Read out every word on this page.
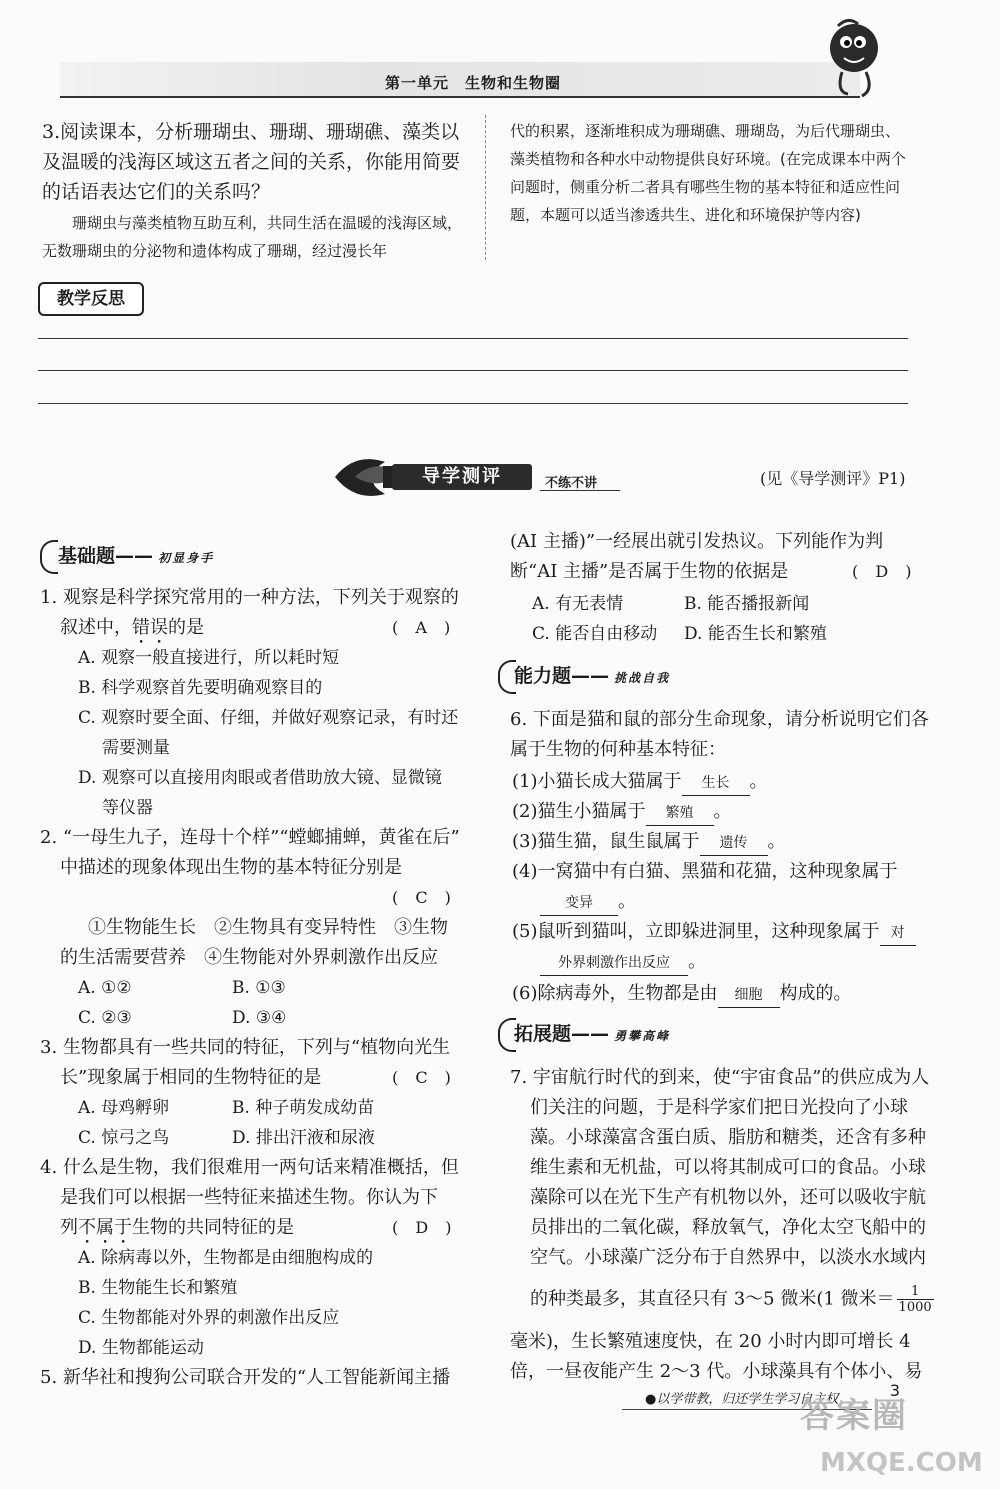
第一单元　生物和生物圈
3.阅读课本，分析珊瑚虫、珊瑚、珊瑚礁、藻类以及温暖的浅海区域这五者之间的关系，你能用简要的话语表达它们的关系吗？
珊瑚虫与藻类植物互助互利，共同生活在温暖的浅海区域，无数珊瑚虫的分泌物和遗体构成了珊瑚，经过漫长年
代的积累，逐渐堆积成为珊瑚礁、珊瑚岛，为后代珊瑚虫、藻类植物和各种水中动物提供良好环境。(在完成课本中两个问题时，侧重分析二者具有哪些生物的基本特征和适应性问题，本题可以适当渗透共生、进化和环境保护等内容)
教学反思
导学测评	不练不讲	(见《导学测评》P1)
基础题—— 初显身手
1. 观察是科学探究常用的一种方法，下列关于观察的
叙述中，错误的是	( A )
A. 观察一般直接进行，所以耗时短
B. 科学观察首先要明确观察目的
C. 观察时要全面、仔细，并做好观察记录，有时还
需要测量
D. 观察可以直接用肉眼或者借助放大镜、显微镜
等仪器
2. “一母生九子，连母十个样”“螳螂捕蝉，黄雀在后”
中描述的现象体现出生物的基本特征分别是
( C )
①生物能生长　②生物具有变异特性　③生物
的生活需要营养　④生物能对外界刺激作出反应
A. ①②	B. ①③
C. ②③	D. ③④
3. 生物都具有一些共同的特征，下列与“植物向光生
长”现象属于相同的生物特征的是	( C )
A. 母鸡孵卵	B. 种子萌发成幼苗
C. 惊弓之鸟	D. 排出汗液和尿液
4. 什么是生物，我们很难用一两句话来精准概括，但
是我们可以根据一些特征来描述生物。你认为下
列不属于生物的共同特征的是	( D )
A. 除病毒以外，生物都是由细胞构成的
B. 生物能生长和繁殖
C. 生物都能对外界的刺激作出反应
D. 生物都能运动
5. 新华社和搜狗公司联合开发的“人工智能新闻主播
(AI 主播)”一经展出就引发热议。下列能作为判
断“AI 主播”是否属于生物的依据是	( D )
A. 有无表情	B. 能否播报新闻
C. 能否自由移动 D. 能否生长和繁殖
能力题—— 挑战自我
6. 下面是猫和鼠的部分生命现象，请分析说明它们各
属于生物的何种基本特征：
(1)小猫长成大猫属于 生长 。
(2)猫生小猫属于 繁殖 。
(3)猫生猫，鼠生鼠属于 遗传 。
(4)一窝猫中有白猫、黑猫和花猫，这种现象属于
变异 。
(5)鼠听到猫叫，立即躲进洞里，这种现象属于 对
外界刺激作出反应 。
(6)除病毒外，生物都是由 细胞 构成的。
拓展题—— 勇攀高峰
7. 宇宙航行时代的到来，使“宇宙食品”的供应成为人
们关注的问题，于是科学家们把日光投向了小球
藻。小球藻富含蛋白质、脂肪和糖类，还含有多种
维生素和无机盐，可以将其制成可口的食品。小球
藻除可以在光下生产有机物以外，还可以吸收宇航
员排出的二氧化碳，释放氧气，净化太空飞船中的
空气。小球藻广泛分布于自然界中，以淡水水域内
的种类最多，其直径只有 3～5 微米(1 微米＝ $\frac{1}{1000}$
毫米)，生长繁殖速度快，在 20 小时内即可增长 4
倍，一昼夜能产生 2～3 代。小球藻具有个体小、易
●以学带教，归还学生学习自主权	3
答案圈
MXQE.COM
